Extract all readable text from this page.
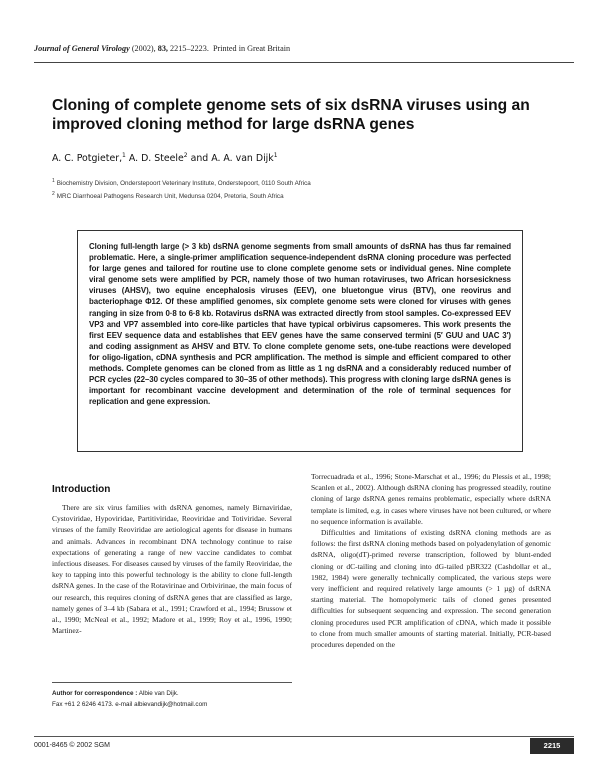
Journal of General Virology (2002), 83, 2215–2223. Printed in Great Britain
Cloning of complete genome sets of six dsRNA viruses using an improved cloning method for large dsRNA genes
A. C. Potgieter,$^1$ A. D. Steele$^2$ and A. A. van Dijk$^1$
$^1$ Biochemistry Division, Onderstepoort Veterinary Institute, Onderstepoort, 0110 South Africa
$^2$ MRC Diarrhoeal Pathogens Research Unit, Medunsa 0204, Pretoria, South Africa

Cloning full-length large (> 3 kb) dsRNA genome segments from small amounts of dsRNA has thus far remained problematic. Here, a single-primer amplification sequence-independent dsRNA cloning procedure was perfected for large genes and tailored for routine use to clone complete genome sets or individual genes. Nine complete viral genome sets were amplified by PCR, namely those of two human rotaviruses, two African horsesickness viruses (AHSV), two equine encephalosis viruses (EEV), one bluetongue virus (BTV), one reovirus and bacteriophage Φ12. Of these amplified genomes, six complete genome sets were cloned for viruses with genes ranging in size from 0·8 to 6·8 kb. Rotavirus dsRNA was extracted directly from stool samples. Co-expressed EEV VP3 and VP7 assembled into core-like particles that have typical orbivirus capsomeres. This work presents the first EEV sequence data and establishes that EEV genes have the same conserved termini (5′ GUU and UAC 3′) and coding assignment as AHSV and BTV. To clone complete genome sets, one-tube reactions were developed for oligo-ligation, cDNA synthesis and PCR amplification. The method is simple and efficient compared to other methods. Complete genomes can be cloned from as little as 1 ng dsRNA and a considerably reduced number of PCR cycles (22–30 cycles compared to 30–35 of other methods). This progress with cloning large dsRNA genes is important for recombinant vaccine development and determination of the role of terminal sequences for replication and gene expression.

Introduction

There are six virus families with dsRNA genomes, namely Birnaviridae, Cystoviridae, Hypoviridae, Partitiviridae, Reoviridae and Totiviridae. Several viruses of the family Reoviridae are aetiological agents for disease in humans and animals. Advances in recombinant DNA technology continue to raise expectations of generating a range of new vaccine candidates to combat infectious diseases. For diseases caused by viruses of the family Reoviridae, the key to tapping into this powerful technology is the ability to clone full-length dsRNA genes. In the case of the Rotavirinae and Orbivirinae, the main focus of our research, this requires cloning of dsRNA genes that are classified as large, namely genes of 3–4 kb (Sabara et al., 1991; Crawford et al., 1994; Brussow et al., 1990; McNeal et al., 1992; Madore et al., 1999; Roy et al., 1996, 1990; Martinez-

Torrecuadrada et al., 1996; Stone-Marschat et al., 1996; du Plessis et al., 1998; Scanlen et al., 2002). Although dsRNA cloning has progressed steadily, routine cloning of large dsRNA genes remains problematic, especially where dsRNA template is limited, e.g. in cases where viruses have not been cultured, or where no sequence information is available.

Difficulties and limitations of existing dsRNA cloning methods are as follows: the first dsRNA cloning methods based on polyadenylation of genomic dsRNA, oligo(dT)-primed reverse transcription, followed by blunt-ended cloning or dC-tailing and cloning into dG-tailed pBR322 (Cashdollar et al., 1982, 1984) were generally technically complicated, the various steps were very inefficient and required relatively large amounts (> 1 µg) of dsRNA starting material. The homopolymeric tails of cloned genes presented difficulties for subsequent sequencing and expression. The second generation cloning procedures used PCR amplification of cDNA, which made it possible to clone from much smaller amounts of starting material. Initially, PCR-based procedures depended on the

Author for correspondence : Albie van Dijk.
Fax +61 2 6246 4173. e-mail albievandijk@hotmail.com
0001-8465 © 2002 SGM	2215
